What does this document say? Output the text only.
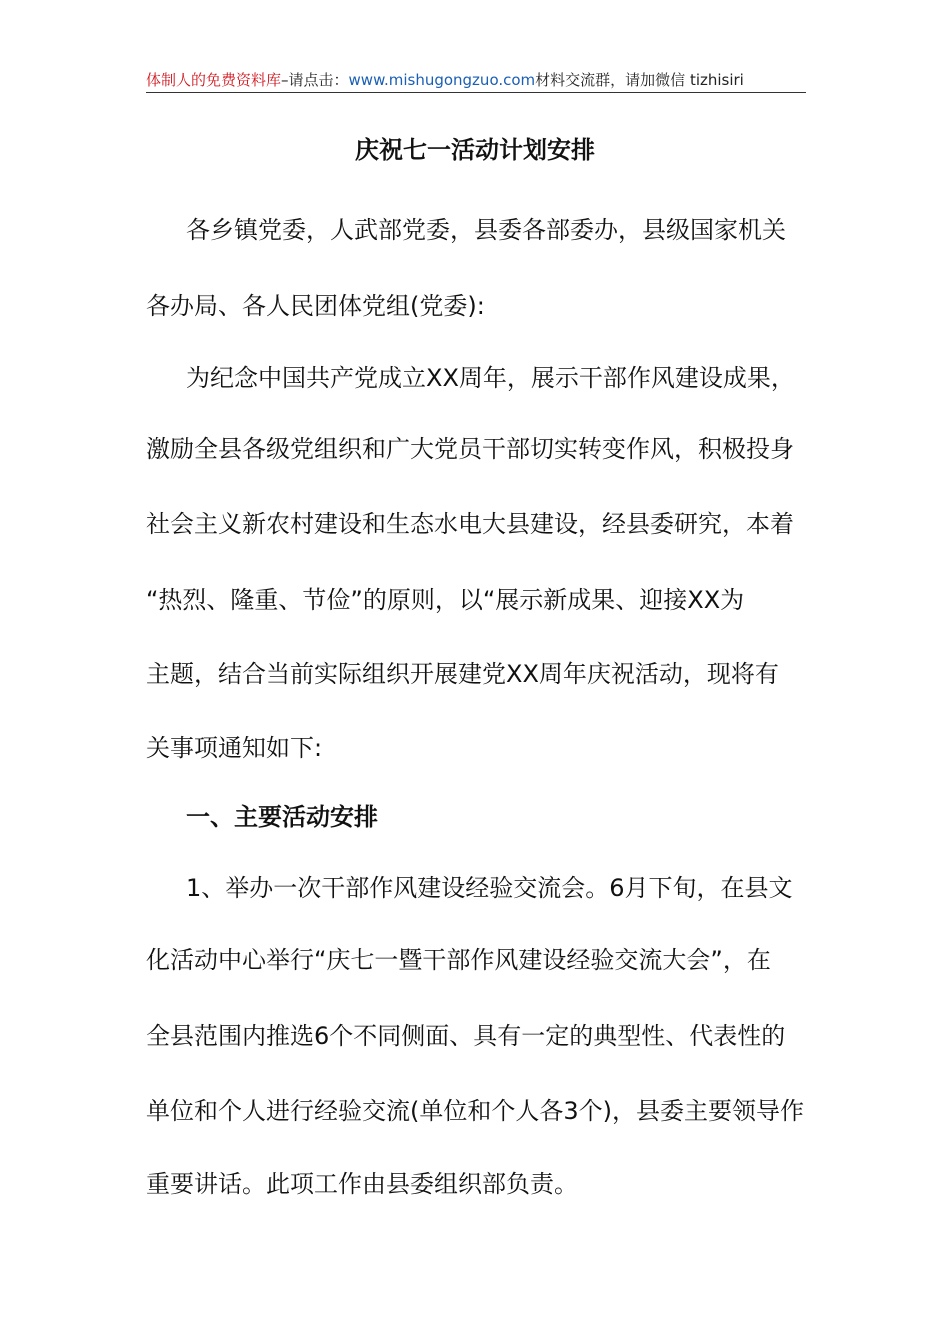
体制人的免费资料库–请点击：www.mishugongzuo.com材料交流群，请加微信 tizhisiri
庆祝七一活动计划安排
各乡镇党委，人武部党委，县委各部委办，县级国家机关
各办局、各人民团体党组(党委):
为纪念中国共产党成立XX周年，展示干部作风建设成果，
激励全县各级党组织和广大党员干部切实转变作风，积极投身
社会主义新农村建设和生态水电大县建设，经县委研究，本着
“热烈、隆重、节俭”的原则，以“展示新成果、迎接XX为
主题，结合当前实际组织开展建党XX周年庆祝活动，现将有
关事项通知如下:
一、主要活动安排
1、举办一次干部作风建设经验交流会。6月下旬，在县文
化活动中心举行“庆七一暨干部作风建设经验交流大会”，在
全县范围内推选6个不同侧面、具有一定的典型性、代表性的
单位和个人进行经验交流(单位和个人各3个)，县委主要领导作
重要讲话。此项工作由县委组织部负责。
